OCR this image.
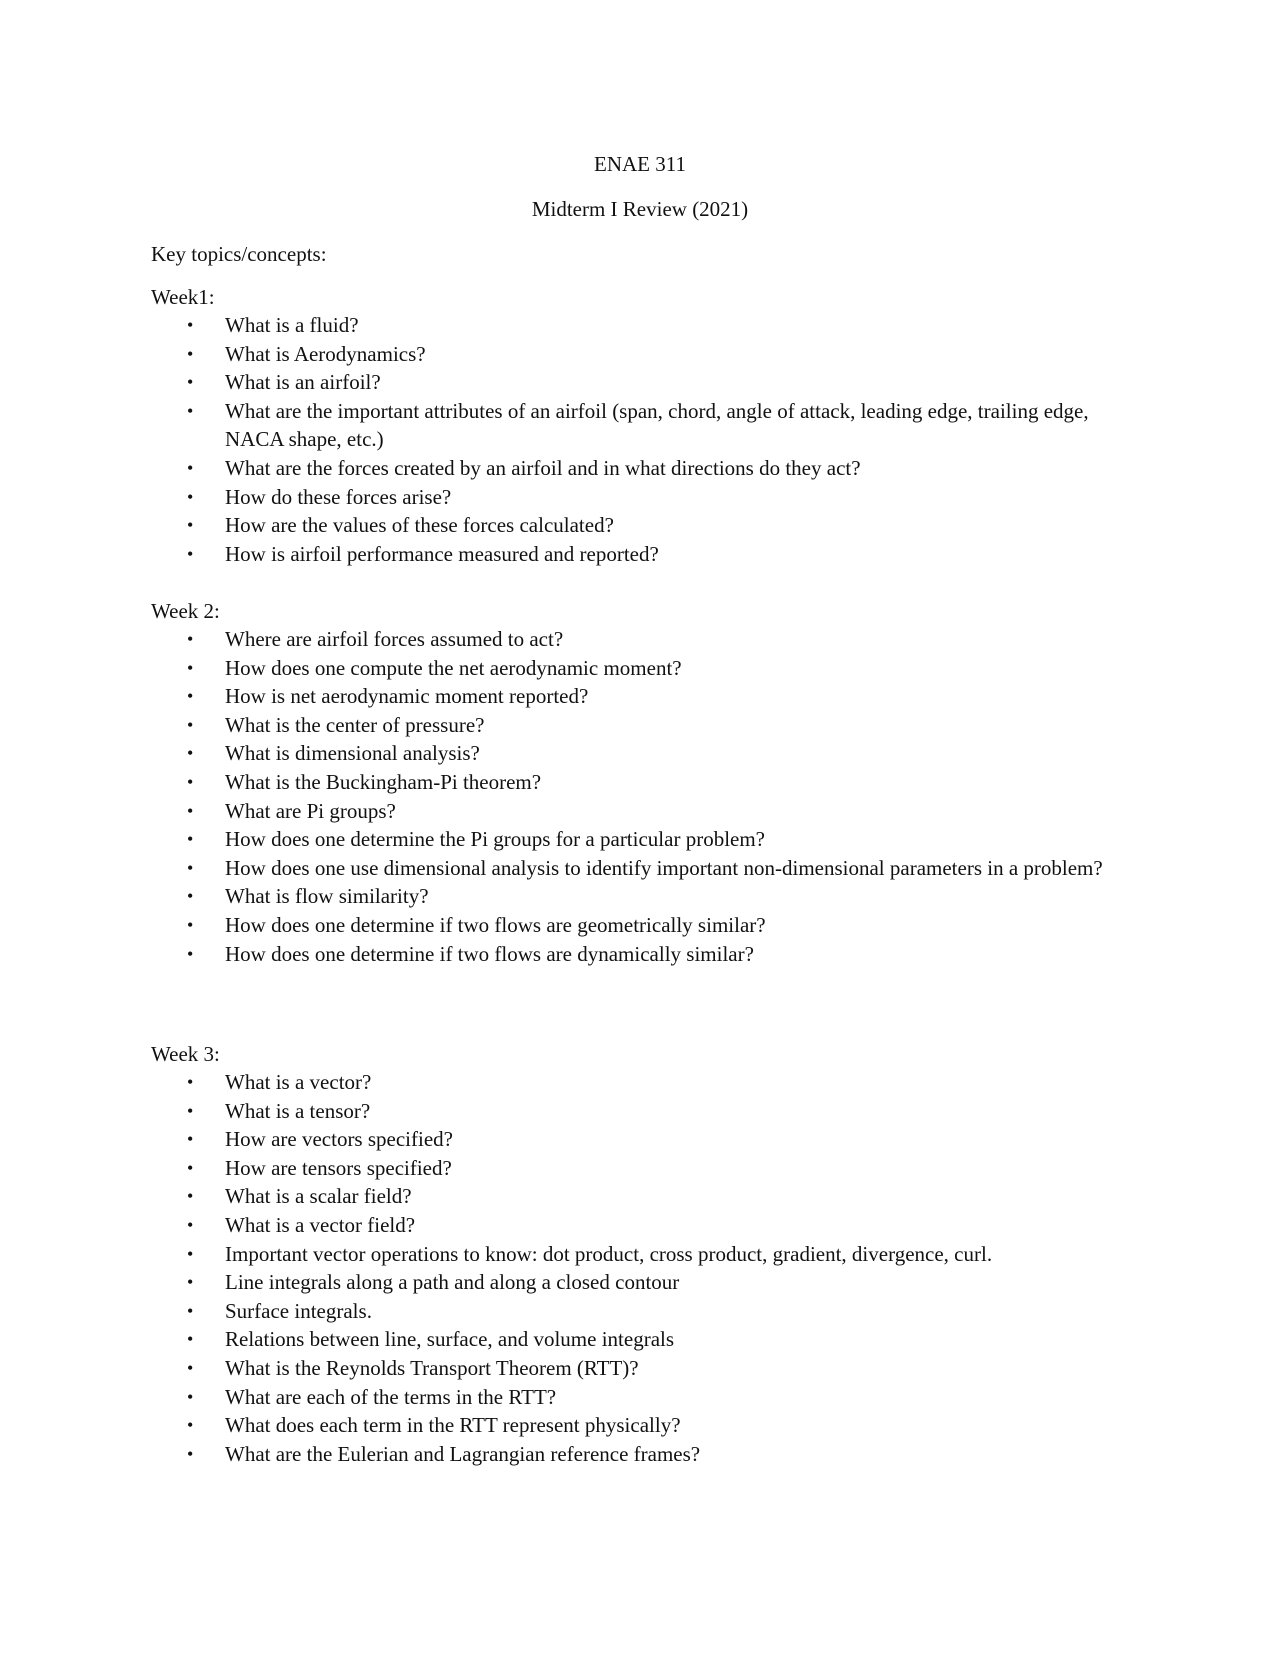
ENAE 311
Midterm I Review (2021)
Key topics/concepts:
Week1:
• What is a fluid?
• What is Aerodynamics?
• What is an airfoil?
• What are the important attributes of an airfoil (span, chord, angle of attack, leading edge, trailing edge, NACA shape, etc.)
• What are the forces created by an airfoil and in what directions do they act?
• How do these forces arise?
• How are the values of these forces calculated?
• How is airfoil performance measured and reported?
Week 2:
• Where are airfoil forces assumed to act?
• How does one compute the net aerodynamic moment?
• How is net aerodynamic moment reported?
• What is the center of pressure?
• What is dimensional analysis?
• What is the Buckingham-Pi theorem?
• What are Pi groups?
• How does one determine the Pi groups for a particular problem?
• How does one use dimensional analysis to identify important non-dimensional parameters in a problem?
• What is flow similarity?
• How does one determine if two flows are geometrically similar?
• How does one determine if two flows are dynamically similar?
Week 3:
• What is a vector?
• What is a tensor?
• How are vectors specified?
• How are tensors specified?
• What is a scalar field?
• What is a vector field?
• Important vector operations to know: dot product, cross product, gradient, divergence, curl.
• Line integrals along a path and along a closed contour
• Surface integrals.
• Relations between line, surface, and volume integrals
• What is the Reynolds Transport Theorem (RTT)?
• What are each of the terms in the RTT?
• What does each term in the RTT represent physically?
• What are the Eulerian and Lagrangian reference frames?
